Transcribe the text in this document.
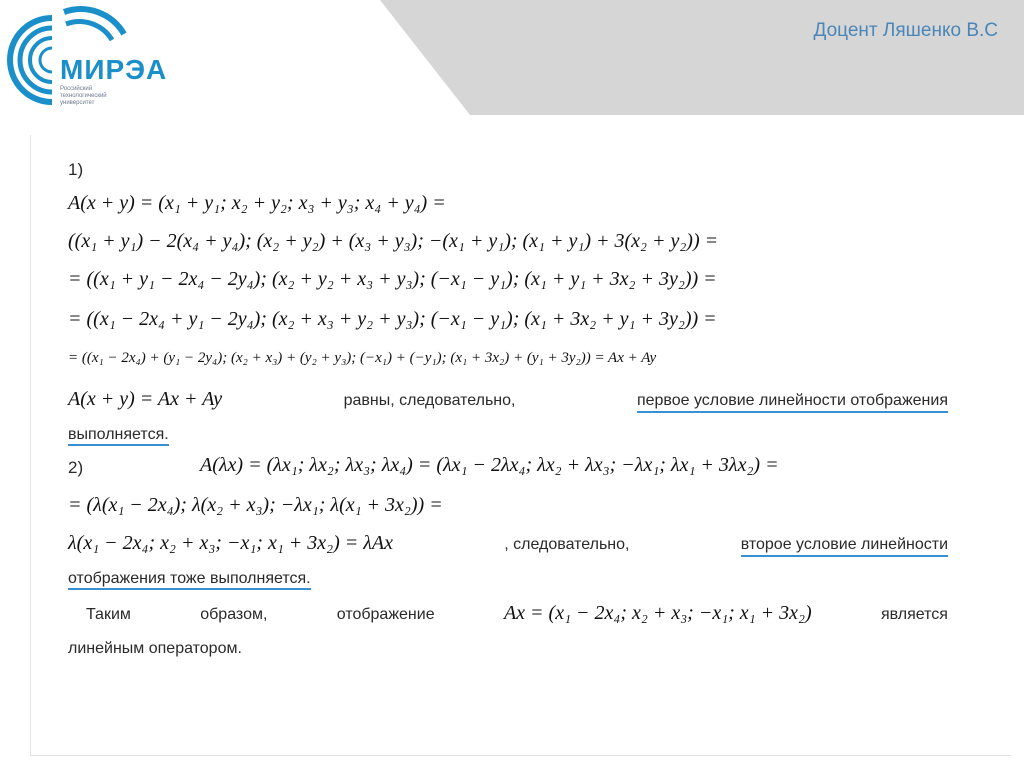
МИРЭА
Российский
технологический
университет
Доцент Ляшенко В.С
1)
A(x + y) = (x₁ + y₁; x₂ + y₂; x₃ + y₃; x₄ + y₄) =
((x₁ + y₁) − 2(x₄ + y₄); (x₂ + y₂) + (x₃ + y₃); −(x₁ + y₁); (x₁ + y₁) + 3(x₂ + y₂)) =
= ((x₁ + y₁ − 2x₄ − 2y₄); (x₂ + y₂ + x₃ + y₃); (−x₁ − y₁); (x₁ + y₁ + 3x₂ + 3y₂)) =
= ((x₁ − 2x₄ + y₁ − 2y₄); (x₂ + x₃ + y₂ + y₃); (−x₁ − y₁); (x₁ + 3x₂ + y₁ + 3y₂)) =
= ((x₁ − 2x₄) + (y₁ − 2y₄); (x₂ + x₃) + (y₂ + y₃); (−x₁) + (−y₁); (x₁ + 3x₂) + (y₁ + 3y₂)) = Ax + Ay
A(x + y) = Ax + Ay	равны, следовательно,	первое условие линейности отображения
выполняется.
2)	A(λx) = (λx₁; λx₂; λx₃; λx₄) = (λx₁ − 2λx₄; λx₂ + λx₃; −λx₁; λx₁ + 3λx₂) =
= (λ(x₁ − 2x₄); λ(x₂ + x₃); −λx₁; λ(x₁ + 3x₂)) =
λ(x₁ − 2x₄; x₂ + x₃; −x₁; x₁ + 3x₂) = λAx	, следовательно,	второе условие линейности
отображения тоже выполняется.
Таким	образом,	отображение	Ax = (x₁ − 2x₄; x₂ + x₃; −x₁; x₁ + 3x₂)	является
линейным оператором.
